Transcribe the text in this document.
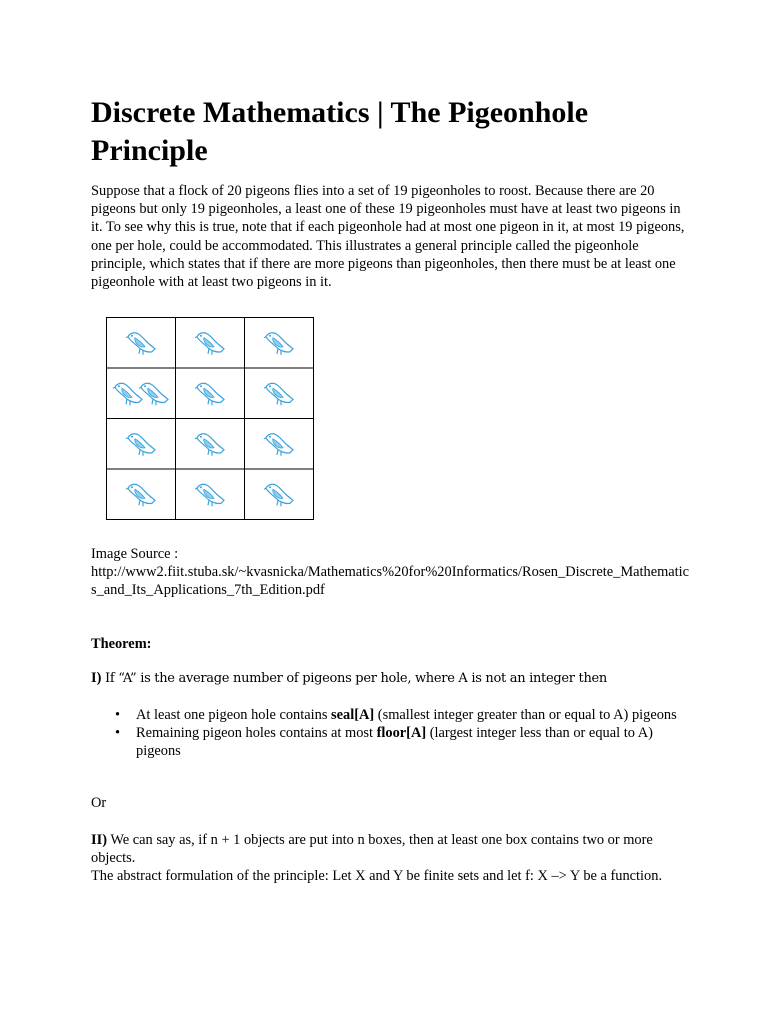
Discrete Mathematics | The Pigeonhole Principle

Suppose that a flock of 20 pigeons flies into a set of 19 pigeonholes to roost. Because there are 20 pigeons but only 19 pigeonholes, a least one of these 19 pigeonholes must have at least two pigeons in it. To see why this is true, note that if each pigeonhole had at most one pigeon in it, at most 19 pigeons, one per hole, could be accommodated. This illustrates a general principle called the pigeonhole principle, which states that if there are more pigeons than pigeonholes, then there must be at least one pigeonhole with at least two pigeons in it.

Image Source :
http://www2.fiit.stuba.sk/~kvasnicka/Mathematics%20for%20Informatics/Rosen_Discrete_Mathematics_and_Its_Applications_7th_Edition.pdf

Theorem:

I) If “A” is the average number of pigeons per hole, where A is not an integer then

• At least one pigeon hole contains seal[A] (smallest integer greater than or equal to A) pigeons
• Remaining pigeon holes contains at most floor[A] (largest integer less than or equal to A) pigeons

Or

II) We can say as, if n + 1 objects are put into n boxes, then at least one box contains two or more objects.
The abstract formulation of the principle: Let X and Y be finite sets and let f: X –> Y be a function.
